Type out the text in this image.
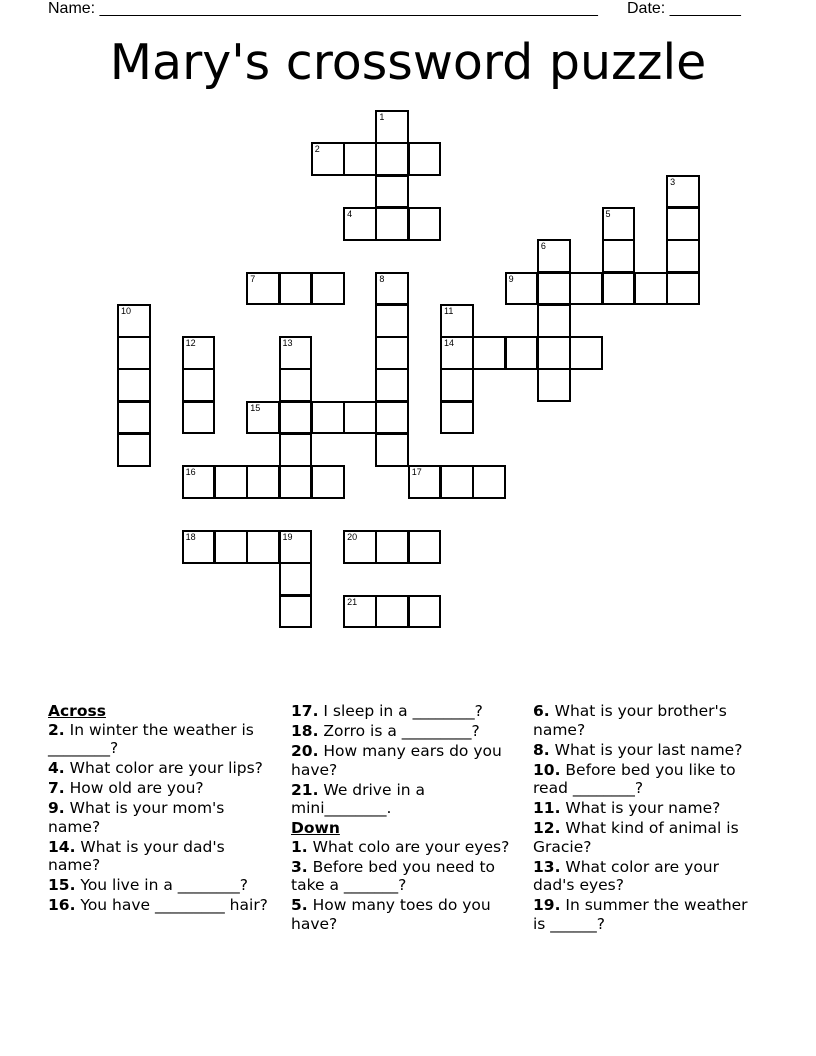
Name: ________________________________________________________ Date: ________
Mary's crossword puzzle
1
2
3
4	5
6
7	8	9
10	11
14
12	13
15
16	17
18	19	20
21
Across
2. In winter the weather is ________?
4. What color are your lips?
7. How old are you?
9. What is your mom's name?
14. What is your dad's name?
15. You live in a ________?
16. You have _________ hair?
17. I sleep in a ________?
18. Zorro is a _________?
20. How many ears do you have?
21. We drive in a mini________.
Down
1. What colo are your eyes?
3. Before bed you need to take a _______?
5. How many toes do you have?
6. What is your brother's name?
8. What is your last name?
10. Before bed you like to read ________?
11. What is your name?
12. What kind of animal is Gracie?
13. What color are your dad's eyes?
19. In summer the weather is ______?
